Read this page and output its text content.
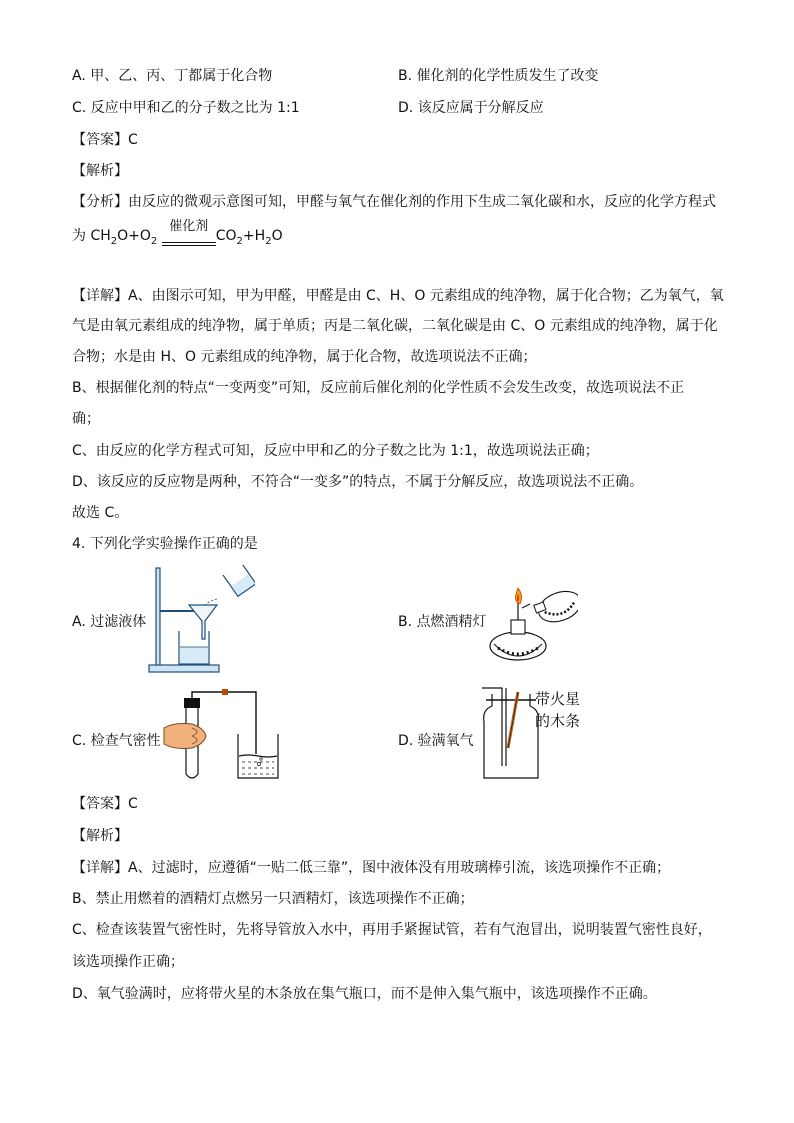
A. 甲、乙、丙、丁都属于化合物	B. 催化剂的化学性质发生了改变
C. 反应中甲和乙的分子数之比为 1:1	D. 该反应属于分解反应
【答案】C
【解析】
【分析】由反应的微观示意图可知，甲醛与氧气在催化剂的作用下生成二氧化碳和水，反应的化学方程式
为 $CH_2O+O_2$
催化剂
$CO_2+H_2O$
【详解】A、由图示可知，甲为甲醛，甲醛是由 C、H、O 元素组成的纯净物，属于化合物；乙为氧气，氧
气是由氧元素组成的纯净物，属于单质；丙是二氧化碳，二氧化碳是由 C、O 元素组成的纯净物，属于化
合物；水是由 H、O 元素组成的纯净物，属于化合物，故选项说法不正确；
B、根据催化剂的特点“一变两变”可知，反应前后催化剂的化学性质不会发生改变，故选项说法不正
确；
C、由反应的化学方程式可知，反应中甲和乙的分子数之比为 1:1，故选项说法正确；
D、该反应的反应物是两种，不符合“一变多”的特点，不属于分解反应，故选项说法不正确。
故选 C。
4. 下列化学实验操作正确的是
A. 过滤液体	B. 点燃酒精灯
C. 检查气密性	D. 验满氧气
带火星
的木条
【答案】C
【解析】
【详解】A、过滤时，应遵循“一贴二低三靠”，图中液体没有用玻璃棒引流，该选项操作不正确；
B、禁止用燃着的酒精灯点燃另一只酒精灯，该选项操作不正确；
C、检查该装置气密性时，先将导管放入水中，再用手紧握试管，若有气泡冒出，说明装置气密性良好，
该选项操作正确；
D、氧气验满时，应将带火星的木条放在集气瓶口，而不是伸入集气瓶中，该选项操作不正确。
